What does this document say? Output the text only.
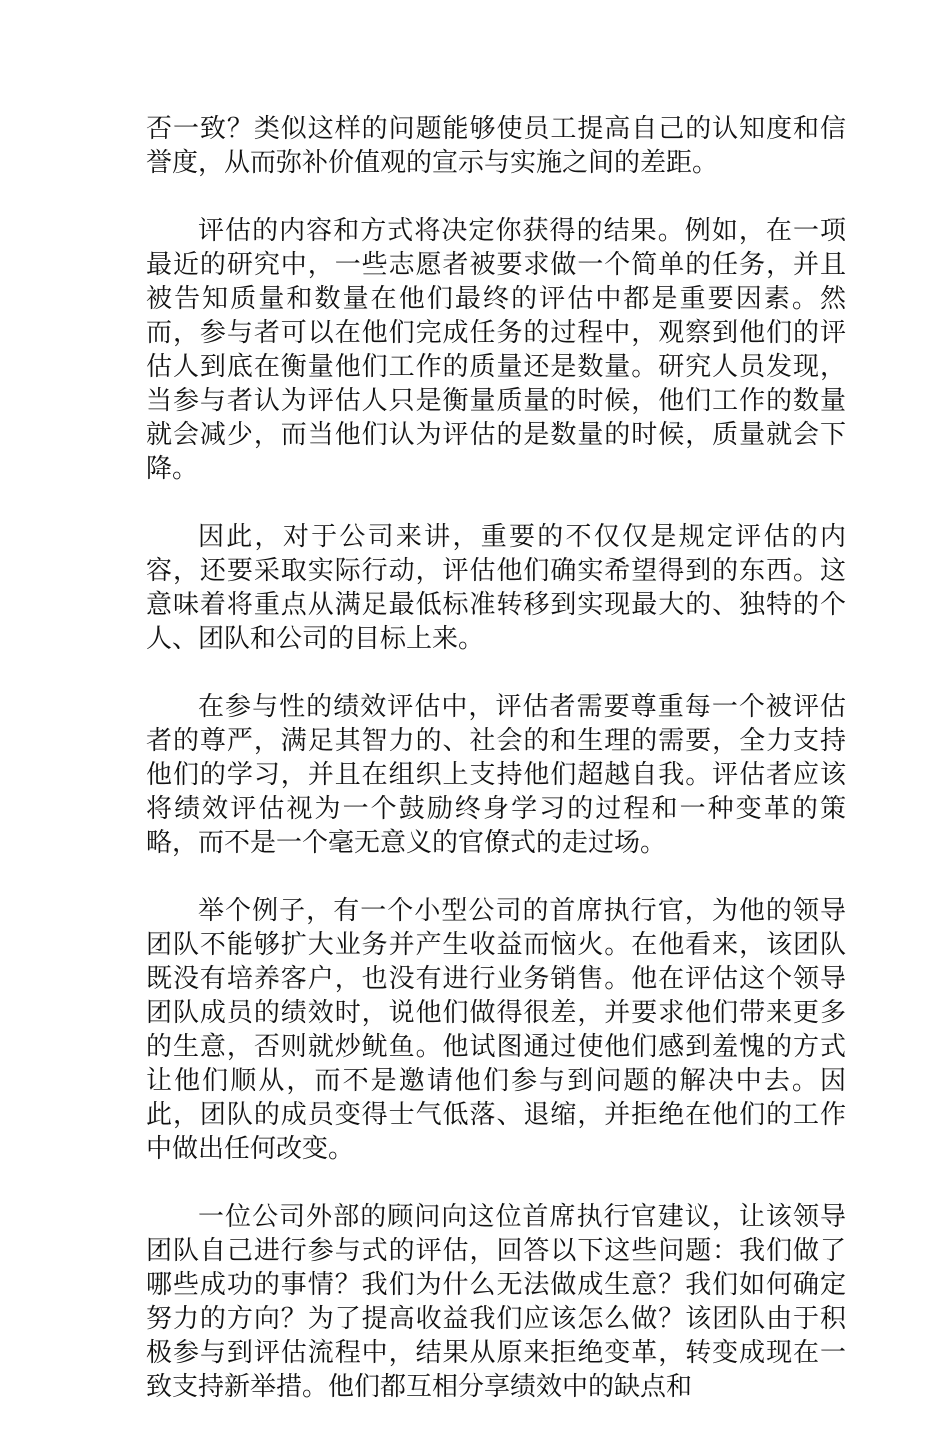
否一致？类似这样的问题能够使员工提高自己的认知度和信誉度，从而弥补价值观的宣示与实施之间的差距。

评估的内容和方式将决定你获得的结果。例如，在一项最近的研究中，一些志愿者被要求做一个简单的任务，并且被告知质量和数量在他们最终的评估中都是重要因素。然而，参与者可以在他们完成任务的过程中，观察到他们的评估人到底在衡量他们工作的质量还是数量。研究人员发现，当参与者认为评估人只是衡量质量的时候，他们工作的数量就会减少，而当他们认为评估的是数量的时候，质量就会下降。

因此，对于公司来讲，重要的不仅仅是规定评估的内容，还要采取实际行动，评估他们确实希望得到的东西。这意味着将重点从满足最低标准转移到实现最大的、独特的个人、团队和公司的目标上来。

在参与性的绩效评估中，评估者需要尊重每一个被评估者的尊严，满足其智力的、社会的和生理的需要，全力支持他们的学习，并且在组织上支持他们超越自我。评估者应该将绩效评估视为一个鼓励终身学习的过程和一种变革的策略，而不是一个毫无意义的官僚式的走过场。

举个例子，有一个小型公司的首席执行官，为他的领导团队不能够扩大业务并产生收益而恼火。在他看来，该团队既没有培养客户，也没有进行业务销售。他在评估这个领导团队成员的绩效时，说他们做得很差，并要求他们带来更多的生意，否则就炒鱿鱼。他试图通过使他们感到羞愧的方式让他们顺从，而不是邀请他们参与到问题的解决中去。因此，团队的成员变得士气低落、退缩，并拒绝在他们的工作中做出任何改变。

一位公司外部的顾问向这位首席执行官建议，让该领导团队自己进行参与式的评估，回答以下这些问题：我们做了哪些成功的事情？我们为什么无法做成生意？我们如何确定努力的方向？为了提高收益我们应该怎么做？该团队由于积极参与到评估流程中，结果从原来拒绝变革，转变成现在一致支持新举措。他们都互相分享绩效中的缺点和
